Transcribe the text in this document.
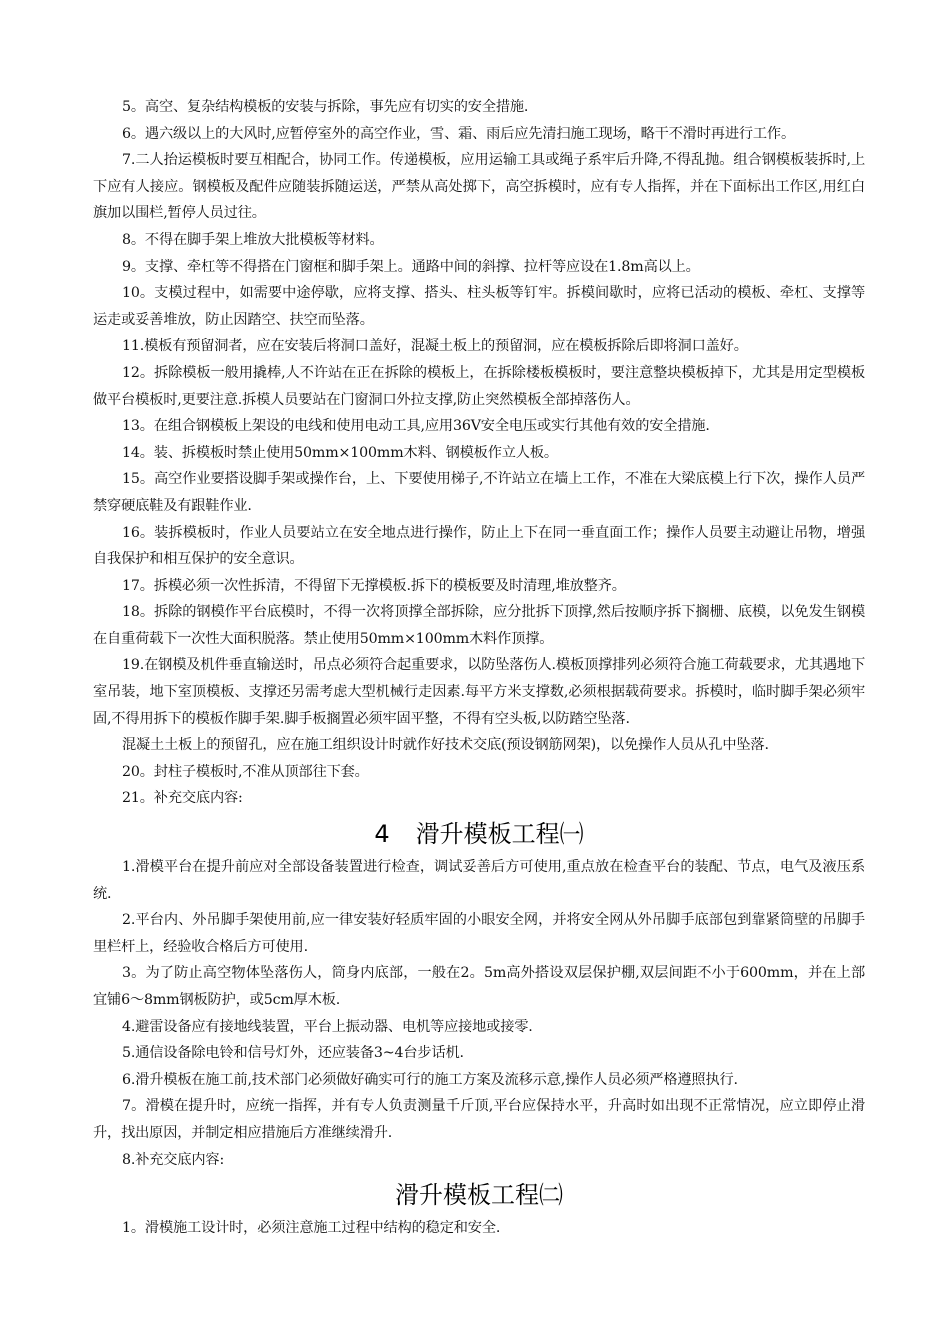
5。高空、复杂结构模板的安装与拆除，事先应有切实的安全措施.

6。遇六级以上的大风时,应暂停室外的高空作业，雪、霜、雨后应先清扫施工现场，略干不滑时再进行工作。

7.二人抬运模板时要互相配合，协同工作。传递模板，应用运输工具或绳子系牢后升降,不得乱抛。组合钢模板装拆时,上下应有人接应。钢模板及配件应随装拆随运送，严禁从高处掷下，高空拆模时，应有专人指挥，并在下面标出工作区,用红白旗加以围栏,暂停人员过往。

8。不得在脚手架上堆放大批模板等材料。

9。支撑、牵杠等不得搭在门窗框和脚手架上。通路中间的斜撑、拉杆等应设在1.8m高以上。

10。支模过程中，如需要中途停歇，应将支撑、搭头、柱头板等钉牢。拆模间歇时，应将已活动的模板、牵杠、支撑等运走或妥善堆放，防止因踏空、扶空而坠落。

11.模板有预留洞者，应在安装后将洞口盖好，混凝土板上的预留洞，应在模板拆除后即将洞口盖好。

12。拆除模板一般用撬棒,人不许站在正在拆除的模板上，在拆除楼板模板时，要注意整块模板掉下，尤其是用定型模板做平台模板时,更要注意.拆模人员要站在门窗洞口外拉支撑,防止突然模板全部掉落伤人。

13。在组合钢模板上架设的电线和使用电动工具,应用36V安全电压或实行其他有效的安全措施.

14。装、拆模板时禁止使用50mm×100mm木料、钢模板作立人板。

15。高空作业要搭设脚手架或操作台，上、下要使用梯子,不许站立在墙上工作，不准在大梁底模上行下次，操作人员严禁穿硬底鞋及有跟鞋作业.

16。装拆模板时，作业人员要站立在安全地点进行操作，防止上下在同一垂直面工作；操作人员要主动避让吊物，增强自我保护和相互保护的安全意识。

17。拆模必须一次性拆清，不得留下无撑模板.拆下的模板要及时清理,堆放整齐。

18。拆除的钢模作平台底模时，不得一次将顶撑全部拆除，应分批拆下顶撑,然后按顺序拆下搁栅、底模，以免发生钢模在自重荷载下一次性大面积脱落。禁止使用50mm×100mm木料作顶撑。

19.在钢模及机件垂直输送时，吊点必须符合起重要求，以防坠落伤人.模板顶撑排列必须符合施工荷载要求，尤其遇地下室吊装，地下室顶模板、支撑还另需考虑大型机械行走因素.每平方米支撑数,必须根据载荷要求。拆模时，临时脚手架必须牢固,不得用拆下的模板作脚手架.脚手板搁置必须牢固平整，不得有空头板,以防踏空坠落.

混凝土土板上的预留孔，应在施工组织设计时就作好技术交底(预设钢筋网架)，以免操作人员从孔中坠落.

20。封柱子模板时,不准从顶部往下套。

21。补充交底内容:

4 滑升模板工程㈠

1.滑模平台在提升前应对全部设备装置进行检查，调试妥善后方可使用,重点放在检查平台的装配、节点，电气及液压系统.

2.平台内、外吊脚手架使用前,应一律安装好轻质牢固的小眼安全网，并将安全网从外吊脚手底部包到靠紧筒壁的吊脚手里栏杆上，经验收合格后方可使用.

3。为了防止高空物体坠落伤人，筒身内底部，一般在2。5m高外搭设双层保护棚,双层间距不小于600mm，并在上部宜铺6～8mm钢板防护，或5cm厚木板.

4.避雷设备应有接地线装置，平台上振动器、电机等应接地或接零.

5.通信设备除电铃和信号灯外，还应装备3~4台步话机.

6.滑升模板在施工前,技术部门必须做好确实可行的施工方案及流移示意,操作人员必须严格遵照执行.

7。滑模在提升时，应统一指挥，并有专人负责测量千斤顶,平台应保持水平，升高时如出现不正常情况，应立即停止滑升，找出原因，并制定相应措施后方准继续滑升.

8.补充交底内容:

滑升模板工程㈡

1。滑模施工设计时，必须注意施工过程中结构的稳定和安全.
